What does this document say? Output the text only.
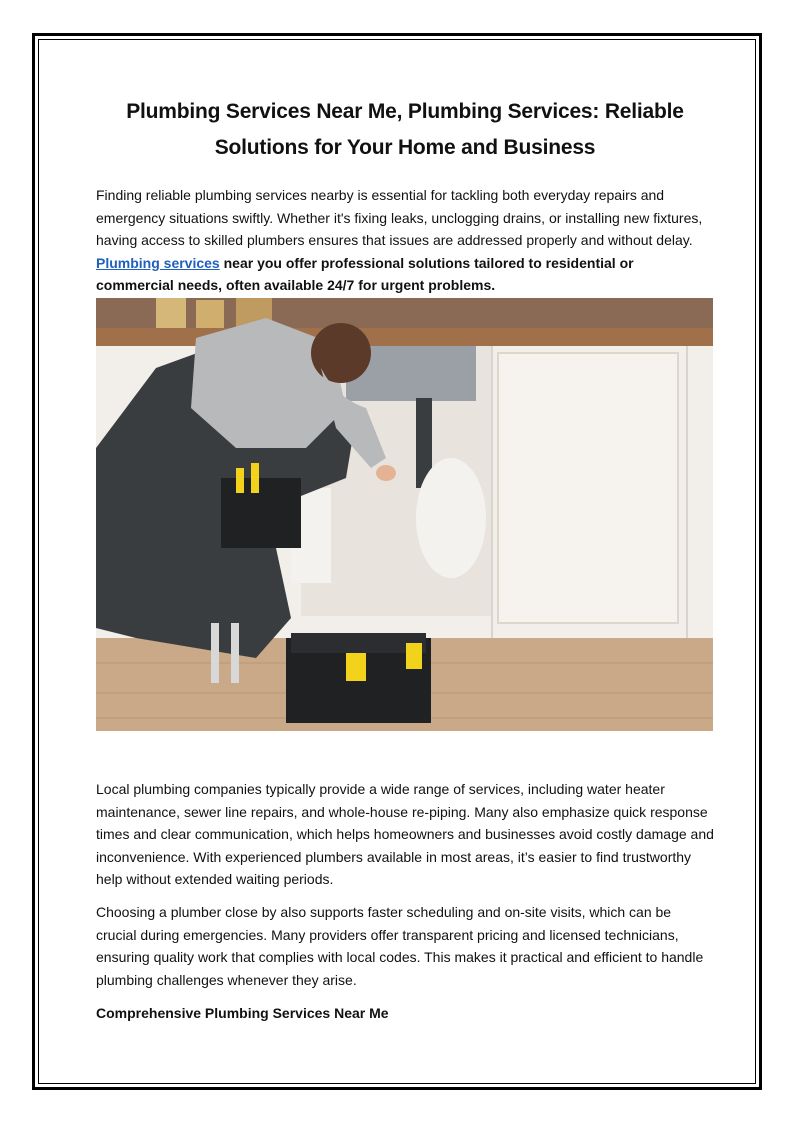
Plumbing Services Near Me, Plumbing Services: Reliable Solutions for Your Home and Business

Finding reliable plumbing services nearby is essential for tackling both everyday repairs and emergency situations swiftly. Whether it's fixing leaks, unclogging drains, or installing new fixtures, having access to skilled plumbers ensures that issues are addressed properly and without delay. Plumbing services near you offer professional solutions tailored to residential or commercial needs, often available 24/7 for urgent problems.

Local plumbing companies typically provide a wide range of services, including water heater maintenance, sewer line repairs, and whole-house re-piping. Many also emphasize quick response times and clear communication, which helps homeowners and businesses avoid costly damage and inconvenience. With experienced plumbers available in most areas, it’s easier to find trustworthy help without extended waiting periods.

Choosing a plumber close by also supports faster scheduling and on-site visits, which can be crucial during emergencies. Many providers offer transparent pricing and licensed technicians, ensuring quality work that complies with local codes. This makes it practical and efficient to handle plumbing challenges whenever they arise.

Comprehensive Plumbing Services Near Me
